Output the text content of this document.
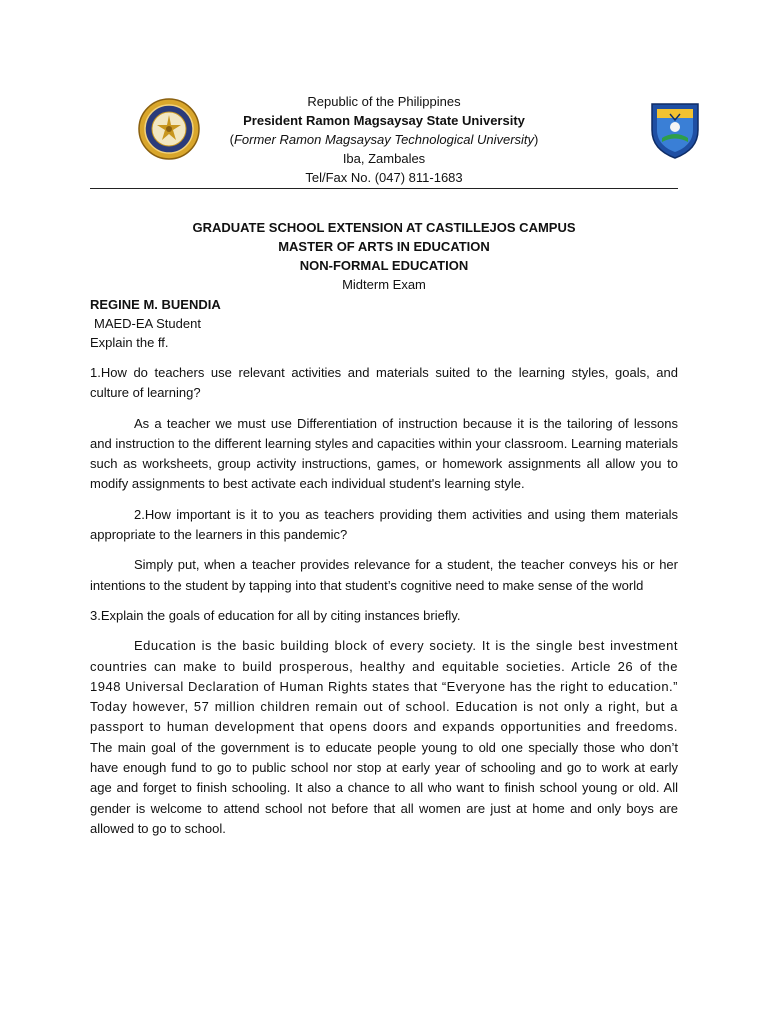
Republic of the Philippines
President Ramon Magsaysay State University
(Former Ramon Magsaysay Technological University)
Iba, Zambales
Tel/Fax No. (047) 811-1683
GRADUATE SCHOOL EXTENSION AT CASTILLEJOS CAMPUS
MASTER OF ARTS IN EDUCATION
NON-FORMAL EDUCATION
Midterm Exam
REGINE M. BUENDIA
MAED-EA Student
Explain the ff.

1.How do teachers use relevant activities and materials suited to the learning styles, goals, and culture of learning?

As a teacher we must use Differentiation of instruction because it is the tailoring of lessons and instruction to the different learning styles and capacities within your classroom. Learning materials such as worksheets, group activity instructions, games, or homework assignments all allow you to modify assignments to best activate each individual student's learning style.

2.How important is it to you as teachers providing them activities and using them materials appropriate to the learners in this pandemic?

Simply put, when a teacher provides relevance for a student, the teacher conveys his or her intentions to the student by tapping into that student’s cognitive need to make sense of the world

3.Explain the goals of education for all by citing instances briefly.

Education is the basic building block of every society. It is the single best investment countries can make to build prosperous, healthy and equitable societies. Article 26 of the 1948 Universal Declaration of Human Rights states that “Everyone has the right to education.” Today however, 57 million children remain out of school. Education is not only a right, but a passport to human development that opens doors and expands opportunities and freedoms. The main goal of the government is to educate people young to old one specially those who don’t have enough fund to go to public school nor stop at early year of schooling and go to work at early age and forget to finish schooling. It also a chance to all who want to finish school young or old. All gender is welcome to attend school not before that all women are just at home and only boys are allowed to go to school.
